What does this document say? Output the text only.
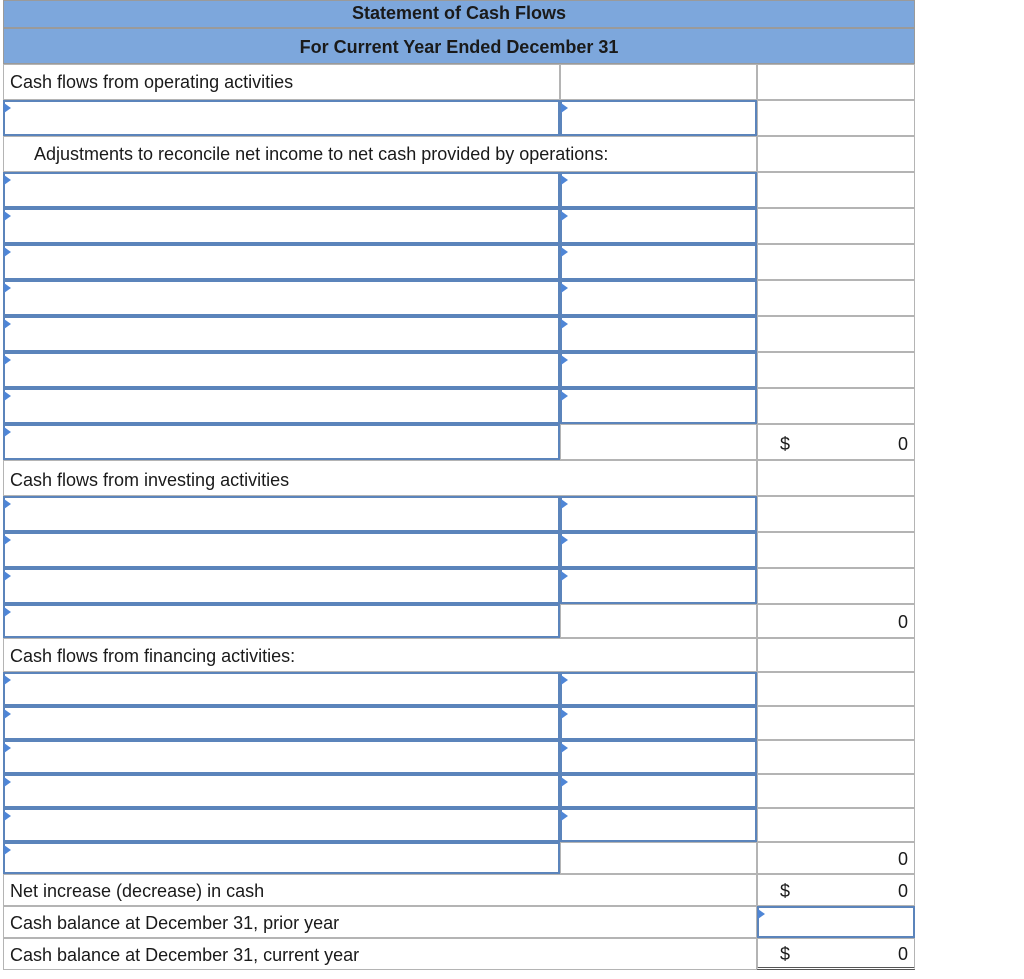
Statement of Cash Flows
For Current Year Ended December 31
Cash flows from operating activities
Adjustments to reconcile net income to net cash provided by operations:
$	0
Cash flows from investing activities
0
Cash flows from financing activities:
0
Net increase (decrease) in cash	$	0
Cash balance at December 31, prior year
Cash balance at December 31, current year	$	0
